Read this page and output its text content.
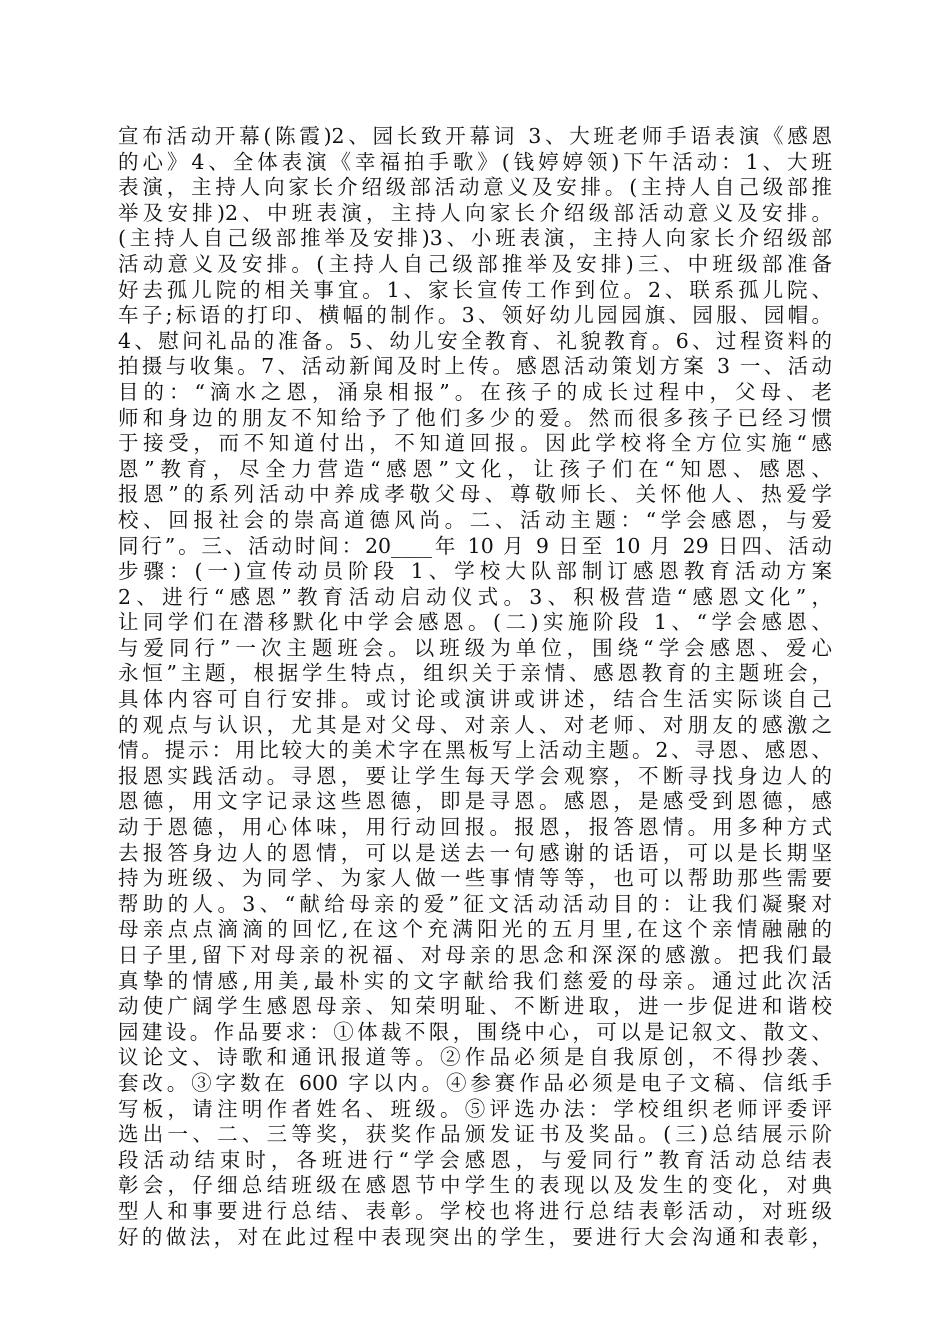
宣布活动开幕(陈霞)2、园长致开幕词 3、大班老师手语表演《感恩
的心》4、全体表演《幸福拍手歌》(钱婷婷领)下午活动：1、大班
表演，主持人向家长介绍级部活动意义及安排。(主持人自己级部推
举及安排)2、中班表演，主持人向家长介绍级部活动意义及安排。
(主持人自己级部推举及安排)3、小班表演，主持人向家长介绍级部
活动意义及安排。(主持人自己级部推举及安排)三、中班级部准备
好去孤儿院的相关事宜。1、家长宣传工作到位。2、联系孤儿院、
车子;标语的打印、横幅的制作。3、领好幼儿园园旗、园服、园帽。
4、慰问礼品的准备。5、幼儿安全教育、礼貌教育。6、过程资料的
拍摄与收集。7、活动新闻及时上传。感恩活动策划方案 3 一、活动
目的：“滴水之恩，涌泉相报”。在孩子的成长过程中，父母、老
师和身边的朋友不知给予了他们多少的爱。然而很多孩子已经习惯
于接受，而不知道付出，不知道回报。因此学校将全方位实施“感
恩”教育，尽全力营造“感恩”文化，让孩子们在“知恩、感恩、
报恩”的系列活动中养成孝敬父母、尊敬师长、关怀他人、热爱学
校、回报社会的崇高道德风尚。二、活动主题：“学会感恩，与爱
同行”。三、活动时间：20____年 10 月 9 日至 10 月 29 日四、活动
步骤：(一)宣传动员阶段 1、学校大队部制订感恩教育活动方案
2、进行“感恩”教育活动启动仪式。3、积极营造“感恩文化”，
让同学们在潜移默化中学会感恩。(二)实施阶段 1、“学会感恩、
与爱同行”一次主题班会。以班级为单位，围绕“学会感恩、爱心
永恒”主题，根据学生特点，组织关于亲情、感恩教育的主题班会，
具体内容可自行安排。或讨论或演讲或讲述，结合生活实际谈自己
的观点与认识，尤其是对父母、对亲人、对老师、对朋友的感激之
情。提示：用比较大的美术字在黑板写上活动主题。2、寻恩、感恩、
报恩实践活动。寻恩，要让学生每天学会观察，不断寻找身边人的
恩德，用文字记录这些恩德，即是寻恩。感恩，是感受到恩德，感
动于恩德，用心体味，用行动回报。报恩，报答恩情。用多种方式
去报答身边人的恩情，可以是送去一句感谢的话语，可以是长期坚
持为班级、为同学、为家人做一些事情等等，也可以帮助那些需要
帮助的人。3、“献给母亲的爱”征文活动活动目的：让我们凝聚对
母亲点点滴滴的回忆,在这个充满阳光的五月里,在这个亲情融融的
日子里,留下对母亲的祝福、对母亲的思念和深深的感激。把我们最
真挚的情感,用美,最朴实的文字献给我们慈爱的母亲。通过此次活
动使广阔学生感恩母亲、知荣明耻、不断进取，进一步促进和谐校
园建设。作品要求：①体裁不限，围绕中心，可以是记叙文、散文、
议论文、诗歌和通讯报道等。②作品必须是自我原创，不得抄袭、
套改。③字数在 600 字以内。④参赛作品必须是电子文稿、信纸手
写板，请注明作者姓名、班级。⑤评选办法：学校组织老师评委评
选出一、二、三等奖，获奖作品颁发证书及奖品。(三)总结展示阶
段活动结束时，各班进行“学会感恩，与爱同行”教育活动总结表
彰会，仔细总结班级在感恩节中学生的表现以及发生的变化，对典
型人和事要进行总结、表彰。学校也将进行总结表彰活动，对班级
好的做法，对在此过程中表现突出的学生，要进行大会沟通和表彰，
